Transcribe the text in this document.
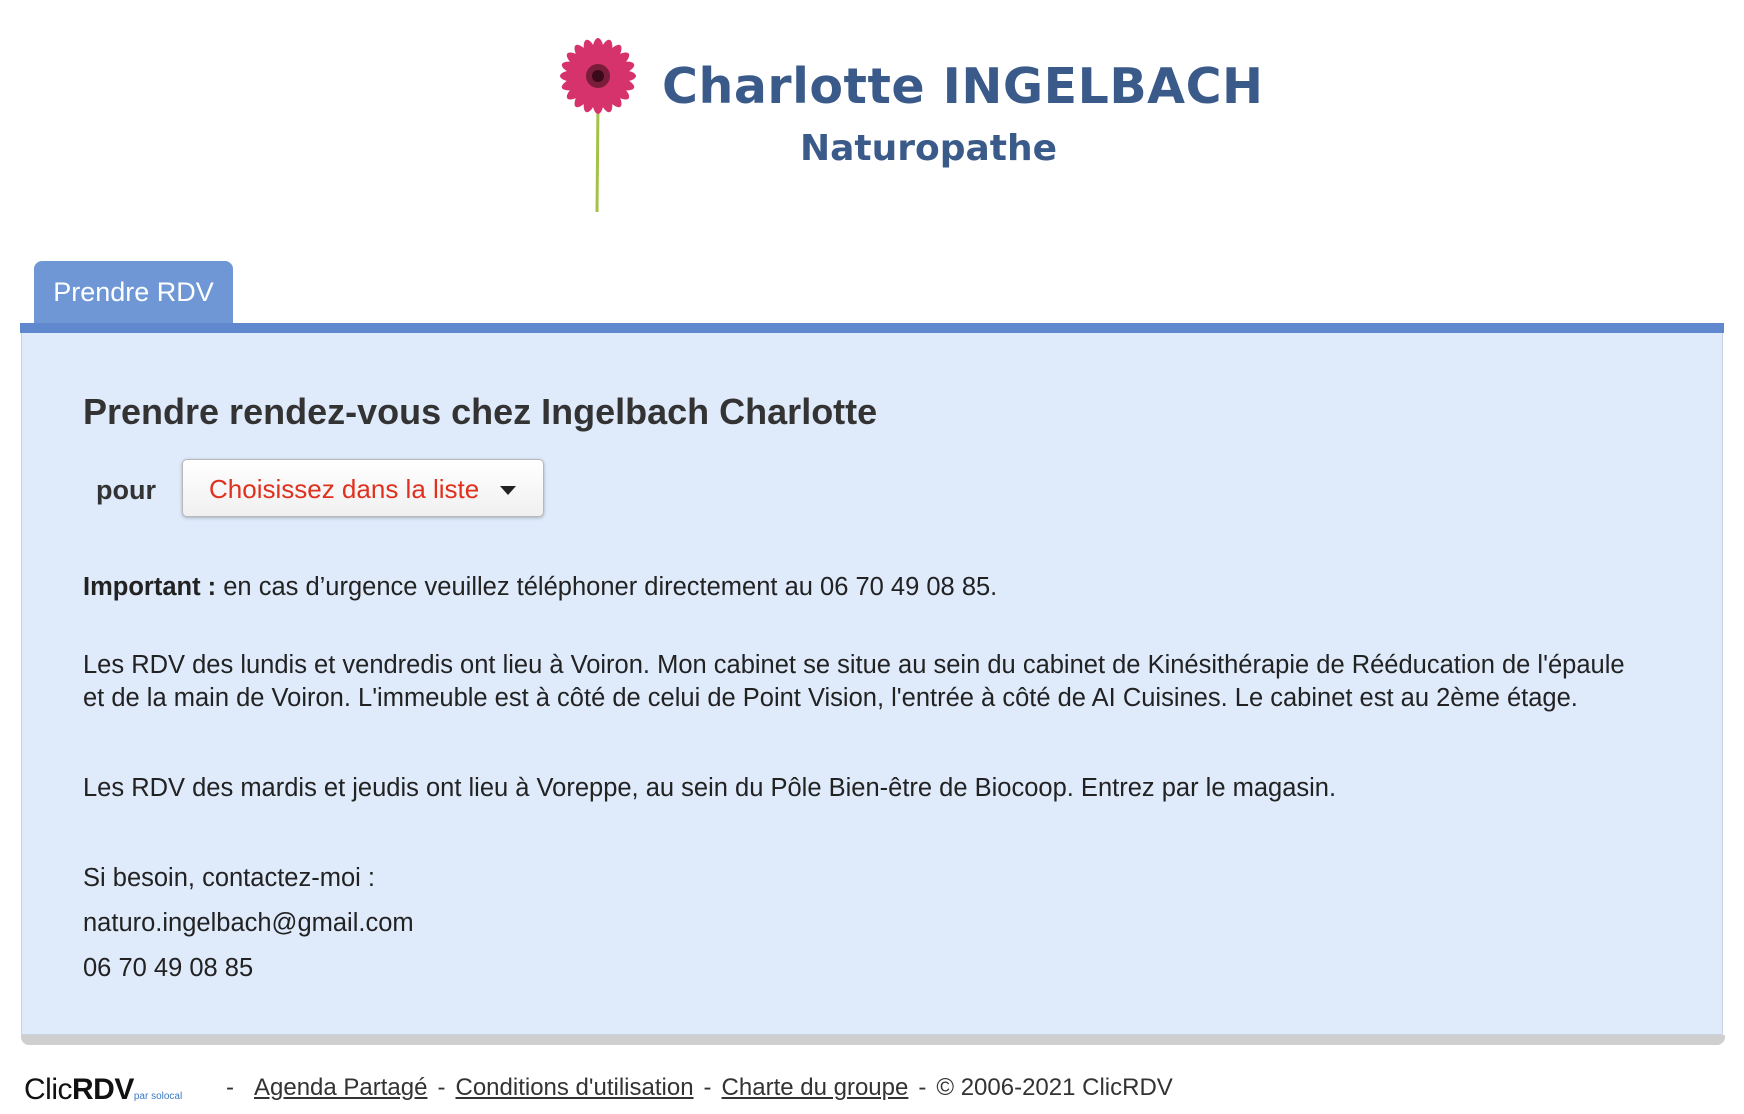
Charlotte INGELBACH
Naturopathe
Prendre RDV
Prendre rendez-vous chez Ingelbach Charlotte
pour Choisissez dans la liste
Important : en cas d’urgence veuillez téléphoner directement au 06 70 49 08 85.
Les RDV des lundis et vendredis ont lieu à Voiron. Mon cabinet se situe au sein du cabinet de Kinésithérapie de Rééducation de l'épaule
et de la main de Voiron. L'immeuble est à côté de celui de Point Vision, l'entrée à côté de AI Cuisines. Le cabinet est au 2ème étage.
Les RDV des mardis et jeudis ont lieu à Voreppe, au sein du Pôle Bien-être de Biocoop. Entrez par le magasin.
Si besoin, contactez-moi :
naturo.ingelbach@gmail.com
06 70 49 08 85
ClicRDVpar solocal - Agenda Partagé - Conditions d'utilisation - Charte du groupe - © 2006-2021 ClicRDV
